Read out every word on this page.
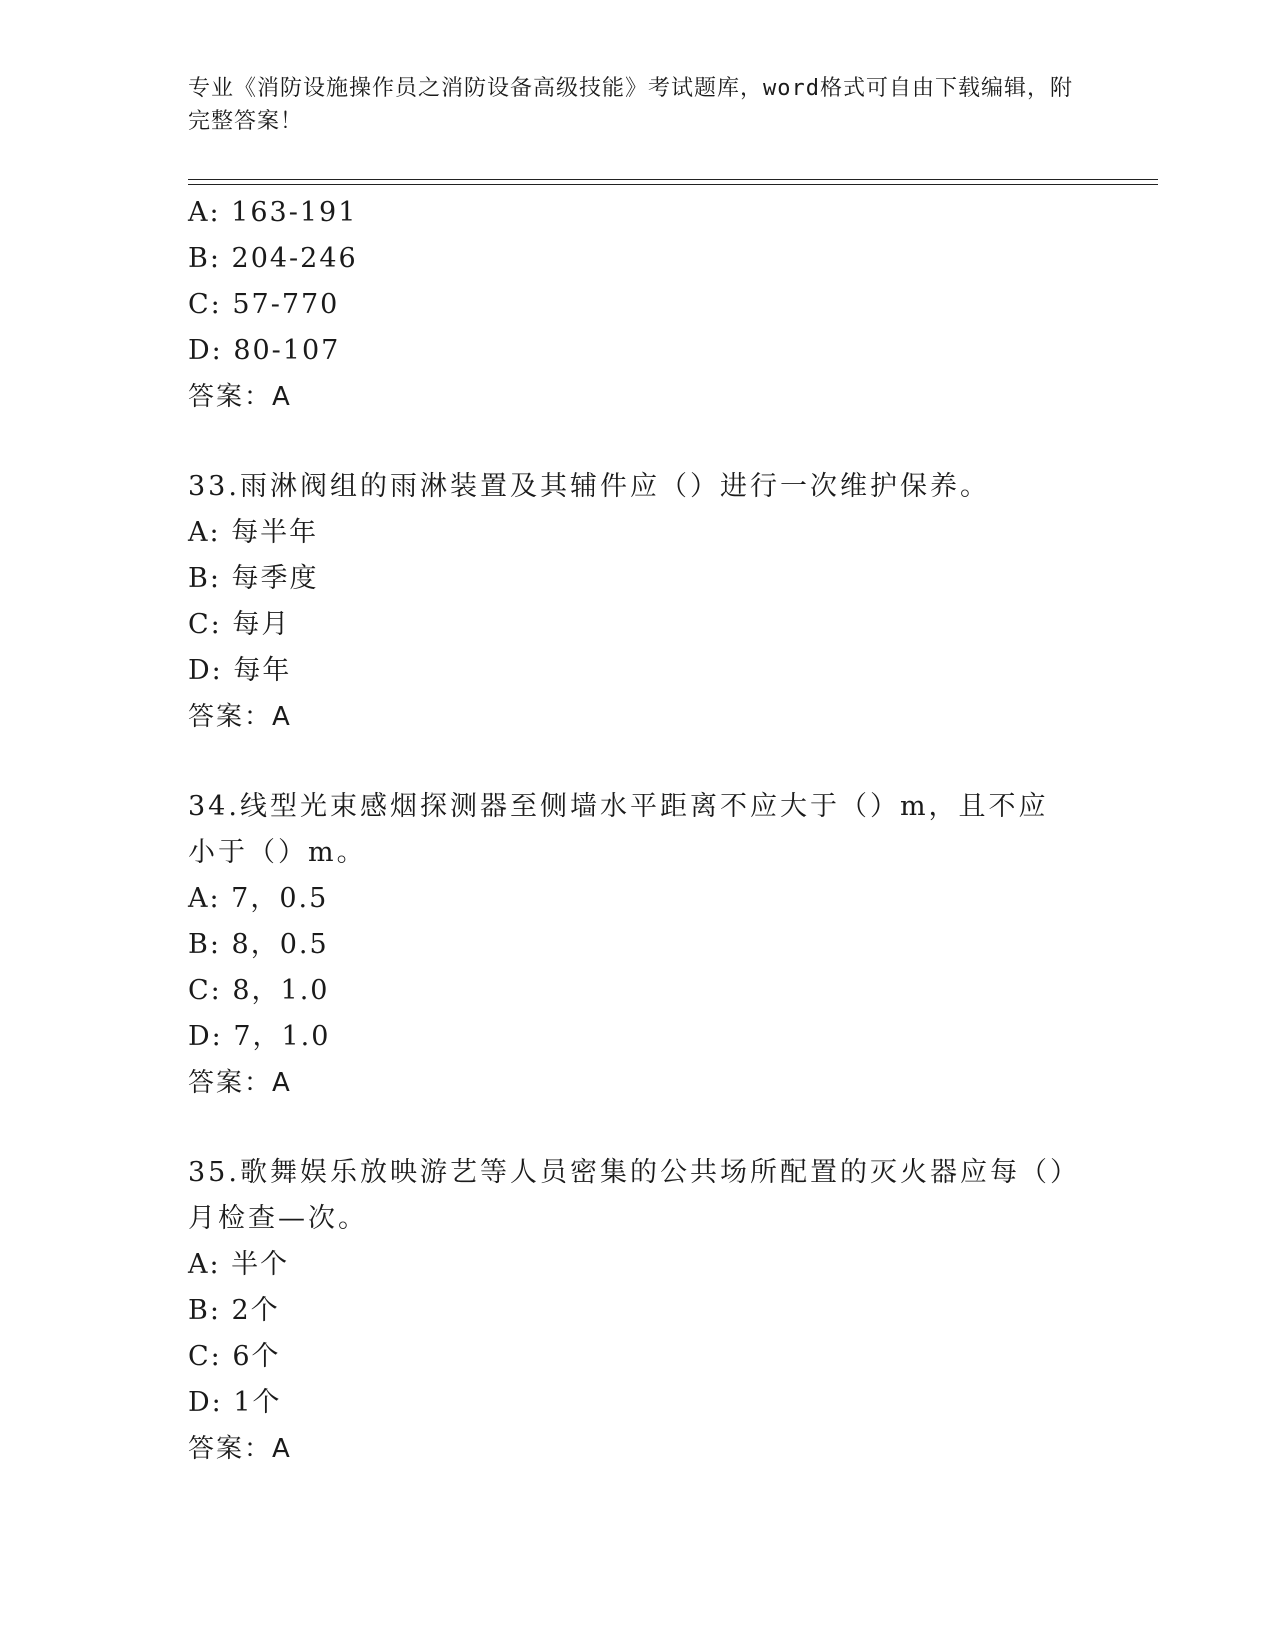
专业《消防设施操作员之消防设备高级技能》考试题库，word格式可自由下载编辑，附完整答案！
A: 163-191
B: 204-246
C: 57-770
D: 80-107
答案：A
33.雨淋阀组的雨淋装置及其辅件应（）进行一次维护保养。
A: 每半年
B: 每季度
C: 每月
D: 每年
答案：A
34.线型光束感烟探测器至侧墙水平距离不应大于（）m，且不应小于（）m。
A: 7，0.5
B: 8，0.5
C: 8，1.0
D: 7，1.0
答案：A
35.歌舞娱乐放映游艺等人员密集的公共场所配置的灭火器应每（）月检查—次。
A: 半个
B: 2个
C: 6个
D: 1个
答案：A
